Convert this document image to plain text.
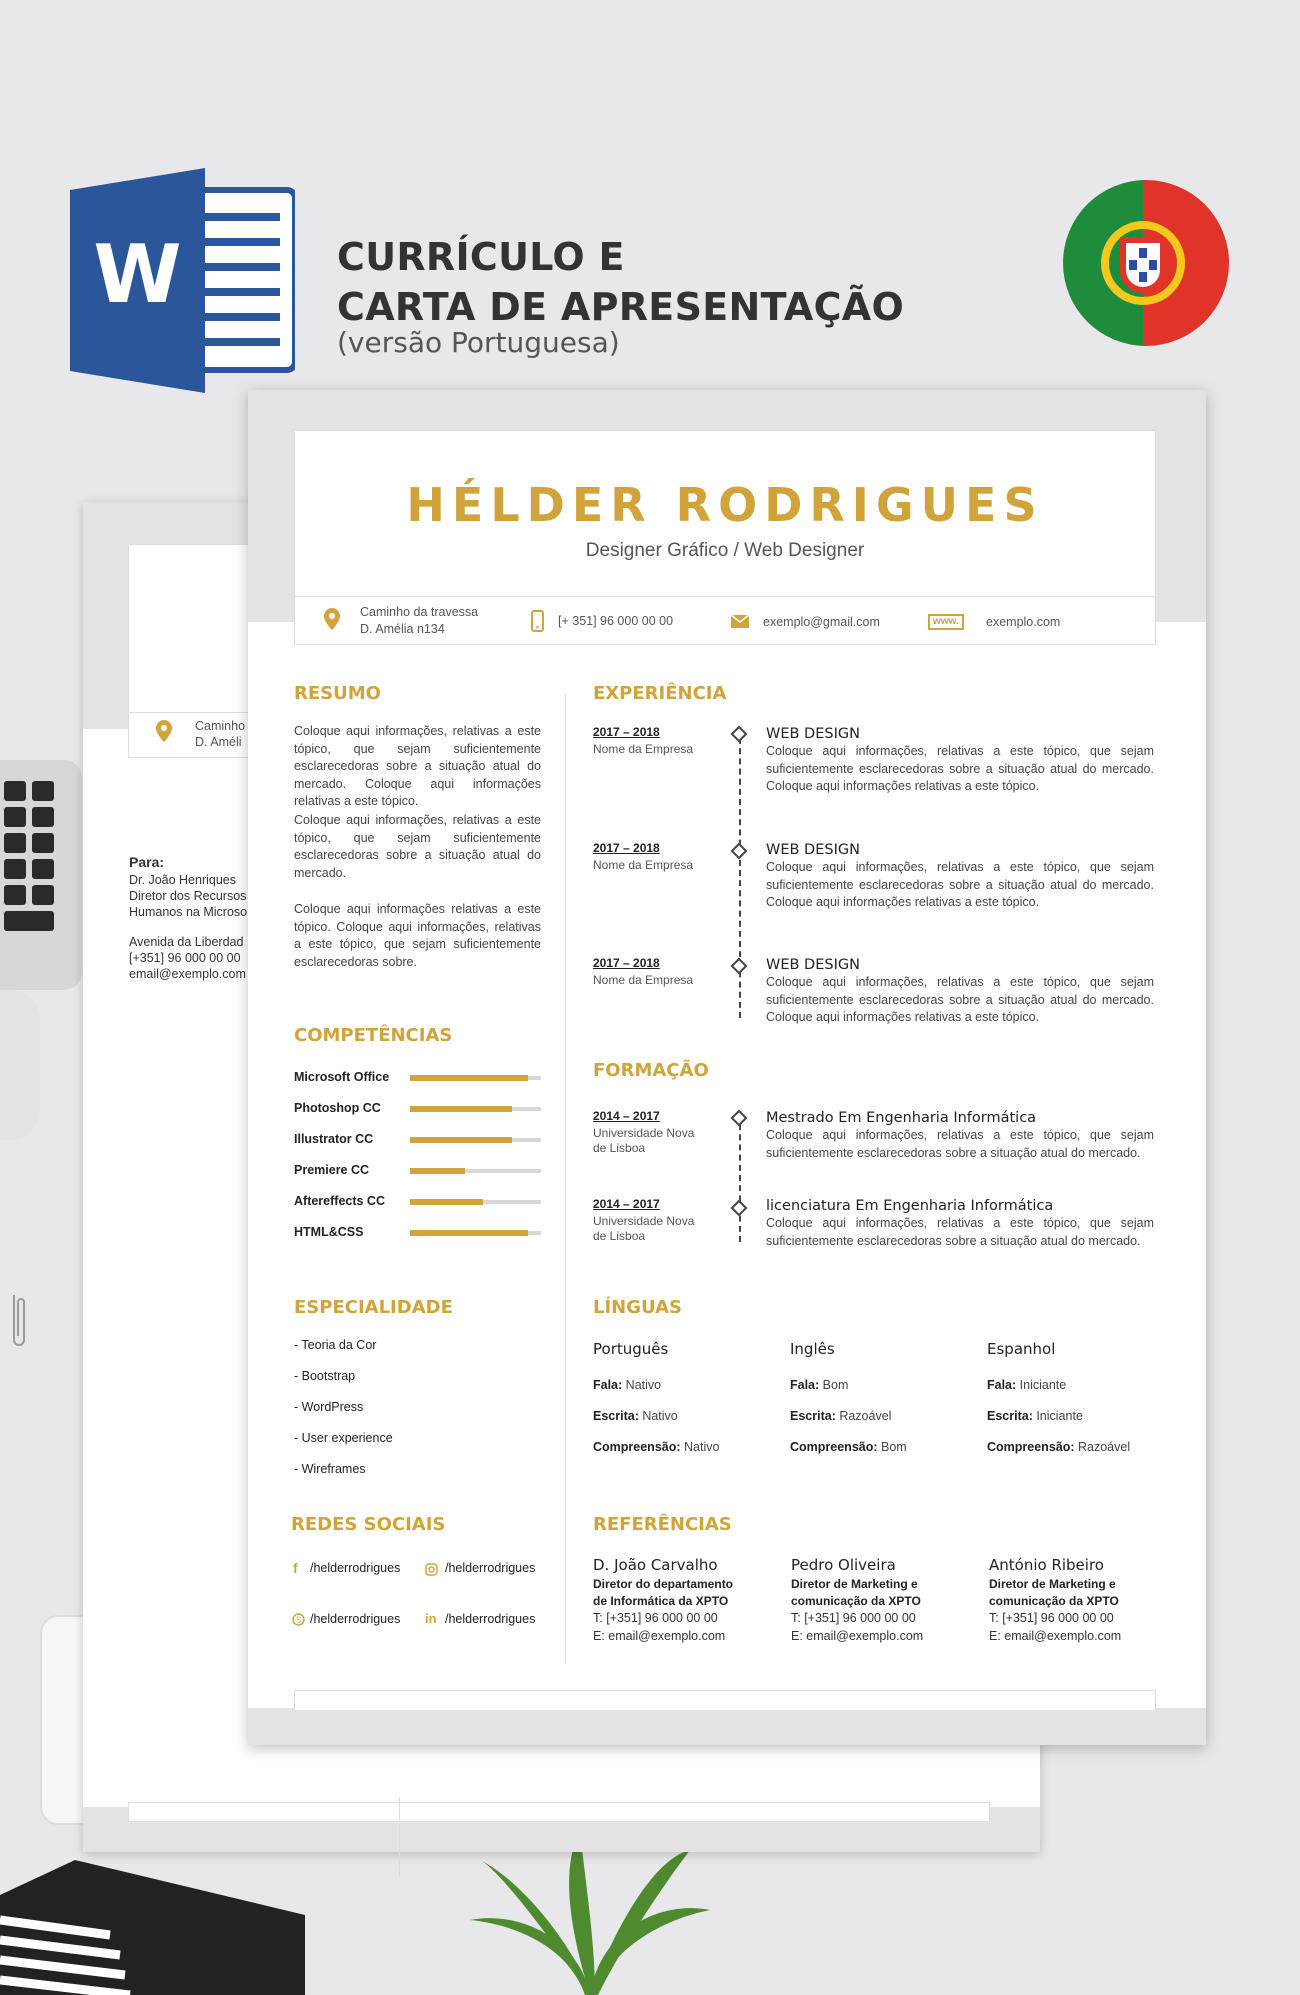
W	CURRÍCULO E
CARTA DE APRESENTAÇÃO
(versão Portuguesa)
Caminho
D. Améli
Para:
Dr. João Henriques
Diretor dos Recursos
Humanos na Microso
Avenida da Liberdad
[+351] 96 000 00 00
email@exemplo.com
HÉLDER RODRIGUES
Designer Gráfico / Web Designer
Caminho da travessa
D. Amélia n134
[+ 351] 96 000 00 00	exemplo@gmail.com	www.	exemplo.com
RESUMO
Coloque aqui informações, relativas a este tópico, que sejam suficientemente esclarecedoras sobre a situação atual do mercado. Coloque aqui informações relativas a este tópico.
Coloque aqui informações, relativas a este tópico, que sejam suficientemente esclarecedoras sobre a situação atual do mercado.
Coloque aqui informações relativas a este tópico. Coloque aqui informações, relativas a este tópico, que sejam suficientemente esclarecedoras sobre.
COMPETÊNCIAS
Microsoft Office
Photoshop CC
Illustrator CC
Premiere CC
Aftereffects CC
HTML&CSS
ESPECIALIDADE
- Teoria da Cor
- Bootstrap
- WordPress
- User experience
- Wireframes
REDES SOCIAIS
f /helderrodrigues	/helderrodrigues
S /helderrodrigues in /helderrodrigues
EXPERIÊNCIA
2017 – 2018
Nome da Empresa
WEB DESIGN
Coloque aqui informações, relativas a este tópico, que sejam suficientemente esclarecedoras sobre a situação atual do mercado. Coloque aqui informações relativas a este tópico.
2017 – 2018
Nome da Empresa
WEB DESIGN
Coloque aqui informações, relativas a este tópico, que sejam suficientemente esclarecedoras sobre a situação atual do mercado. Coloque aqui informações relativas a este tópico.
2017 – 2018
Nome da Empresa
WEB DESIGN
Coloque aqui informações, relativas a este tópico, que sejam suficientemente esclarecedoras sobre a situação atual do mercado. Coloque aqui informações relativas a este tópico.
FORMAÇÃO
2014 – 2017
Universidade Nova
de Lisboa
Mestrado Em Engenharia Informática
Coloque aqui informações, relativas a este tópico, que sejam suficientemente esclarecedoras sobre a situação atual do mercado.
2014 – 2017
Universidade Nova
de Lisboa
licenciatura Em Engenharia Informática
Coloque aqui informações, relativas a este tópico, que sejam suficientemente esclarecedoras sobre a situação atual do mercado.
LÍNGUAS
Português
Fala: Nativo
Escrita: Nativo
Compreensão: Nativo
Inglês
Fala: Bom
Escrita: Razoável
Compreensão: Bom
Espanhol
Fala: Iniciante
Escrita: Iniciante
Compreensão: Razoável
REFERÊNCIAS
D. João Carvalho
Diretor do departamento
de Informática da XPTO
T: [+351] 96 000 00 00
E: email@exemplo.com
Pedro Oliveira
Diretor de Marketing e
comunicação da XPTO
T: [+351] 96 000 00 00
E: email@exemplo.com
António Ribeiro
Diretor de Marketing e
comunicação da XPTO
T: [+351] 96 000 00 00
E: email@exemplo.com
